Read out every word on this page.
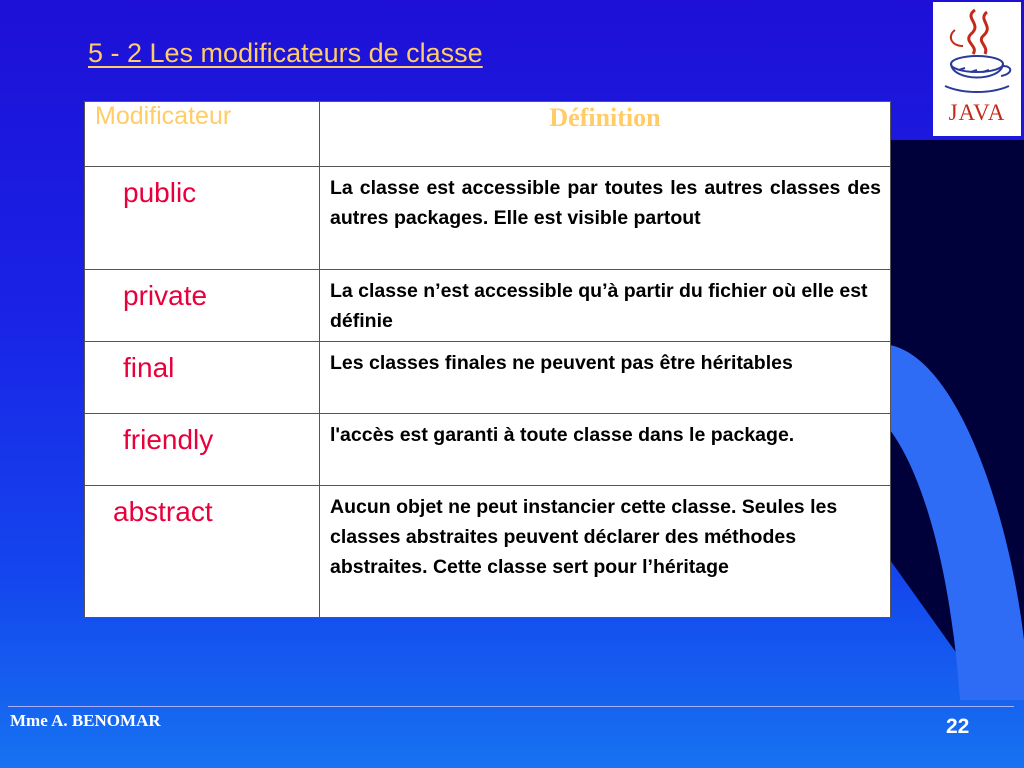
5 - 2 Les modificateurs de classe
JAVA
Modificateur	Définition
public	La classe est accessible par toutes les autres classes des autres packages. Elle est visible partout
private	La classe n’est accessible qu’à partir du fichier où elle est définie
final	Les classes finales ne peuvent pas être héritables
friendly	l'accès est garanti à toute classe dans le package.
abstract	Aucun objet ne peut instancier cette classe. Seules les classes abstraites peuvent déclarer des méthodes abstraites. Cette classe sert pour l’héritage
Mme A. BENOMAR	22
